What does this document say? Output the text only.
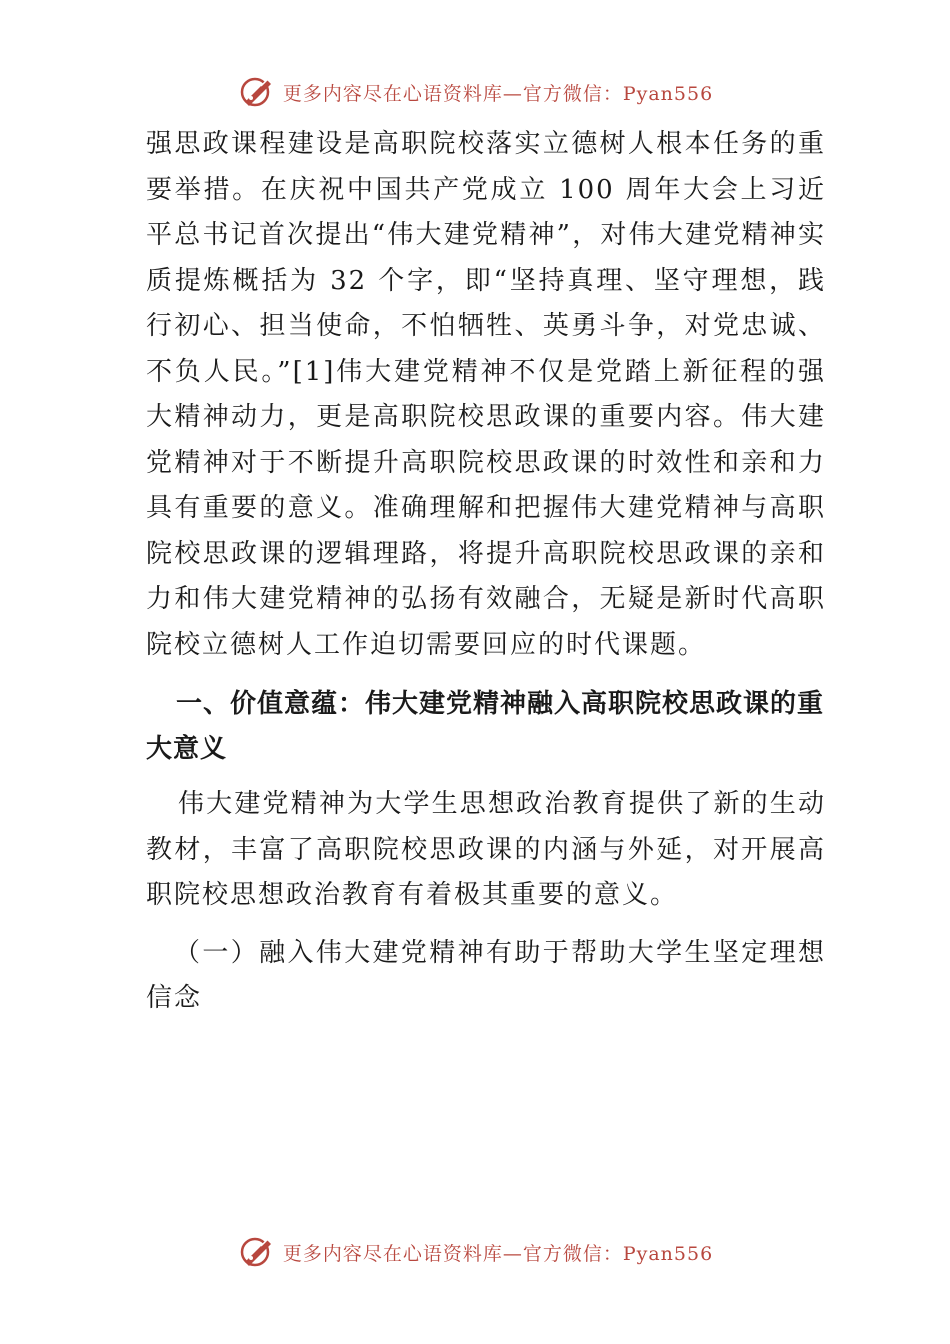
更多内容尽在心语资料库—官方微信：Pyan556

强思政课程建设是高职院校落实立德树人根本任务的重要举措。在庆祝中国共产党成立 100 周年大会上习近平总书记首次提出“伟大建党精神”，对伟大建党精神实质提炼概括为 32 个字，即“坚持真理、坚守理想，践行初心、担当使命，不怕牺牲、英勇斗争，对党忠诚、不负人民。”[1]伟大建党精神不仅是党踏上新征程的强大精神动力，更是高职院校思政课的重要内容。伟大建党精神对于不断提升高职院校思政课的时效性和亲和力具有重要的意义。准确理解和把握伟大建党精神与高职院校思政课的逻辑理路，将提升高职院校思政课的亲和力和伟大建党精神的弘扬有效融合，无疑是新时代高职院校立德树人工作迫切需要回应的时代课题。

一、价值意蕴：伟大建党精神融入高职院校思政课的重大意义

伟大建党精神为大学生思想政治教育提供了新的生动教材，丰富了高职院校思政课的内涵与外延，对开展高职院校思想政治教育有着极其重要的意义。

（一）融入伟大建党精神有助于帮助大学生坚定理想信念

更多内容尽在心语资料库—官方微信：Pyan556
